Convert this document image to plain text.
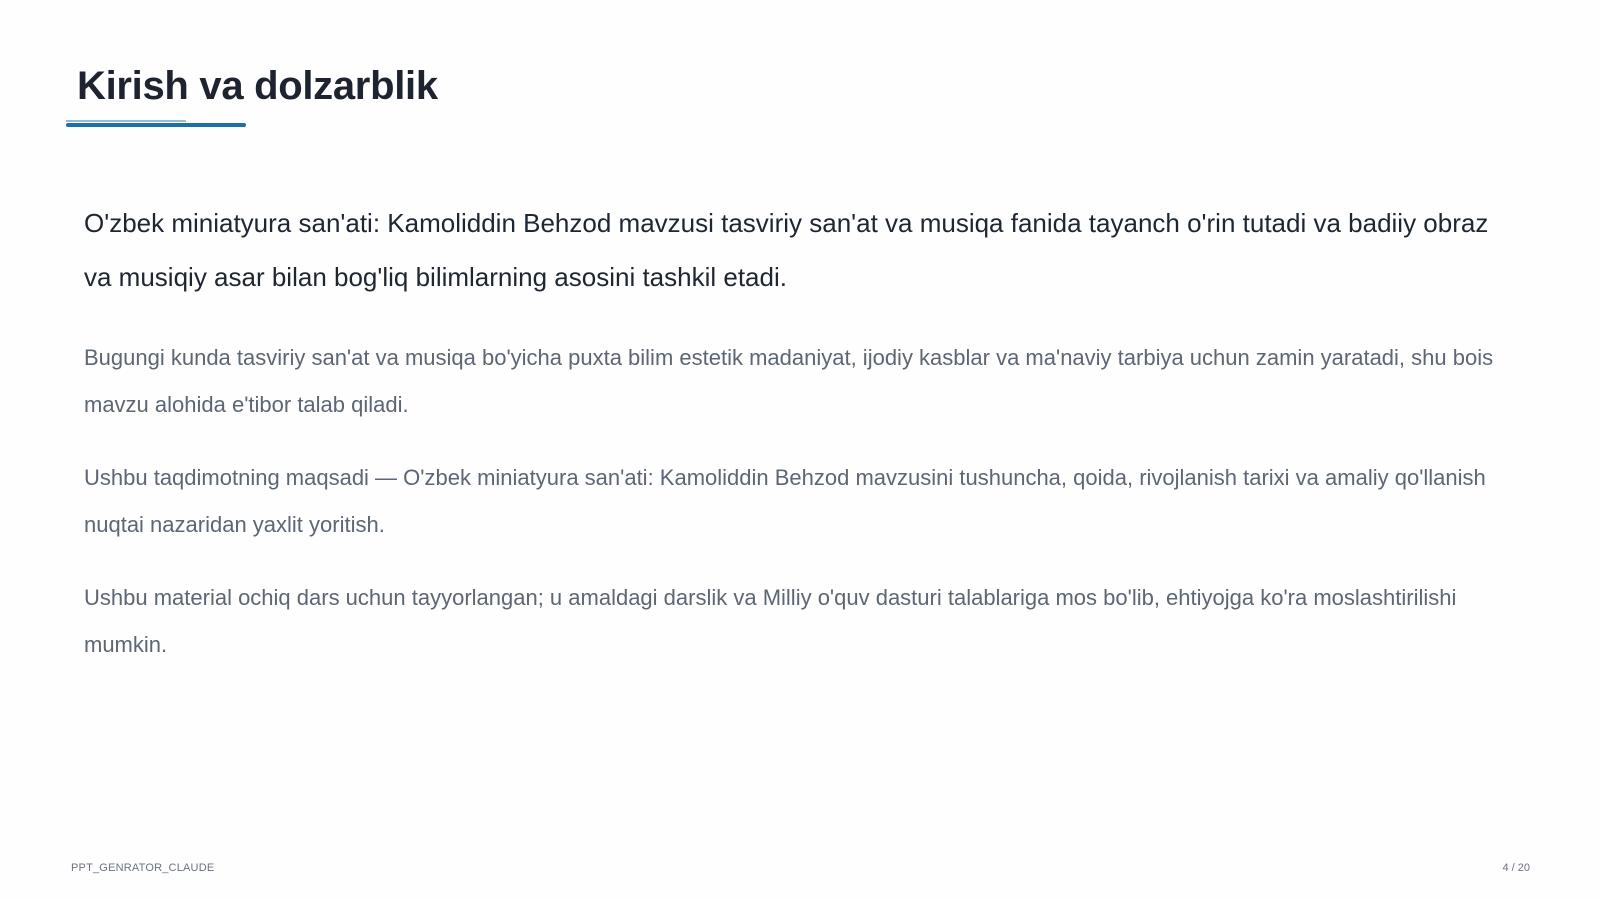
Kirish va dolzarblik

O'zbek miniatyura san'ati: Kamoliddin Behzod mavzusi tasviriy san'at va musiqa fanida tayanch o'rin tutadi va badiiy obraz va musiqiy asar bilan bog'liq bilimlarning asosini tashkil etadi.

Bugungi kunda tasviriy san'at va musiqa bo'yicha puxta bilim estetik madaniyat, ijodiy kasblar va ma'naviy tarbiya uchun zamin yaratadi, shu bois mavzu alohida e'tibor talab qiladi.

Ushbu taqdimotning maqsadi — O'zbek miniatyura san'ati: Kamoliddin Behzod mavzusini tushuncha, qoida, rivojlanish tarixi va amaliy qo'llanish nuqtai nazaridan yaxlit yoritish.

Ushbu material ochiq dars uchun tayyorlangan; u amaldagi darslik va Milliy o'quv dasturi talablariga mos bo'lib, ehtiyojga ko'ra moslashtirilishi mumkin.

PPT_GENRATOR_CLAUDE	4 / 20
